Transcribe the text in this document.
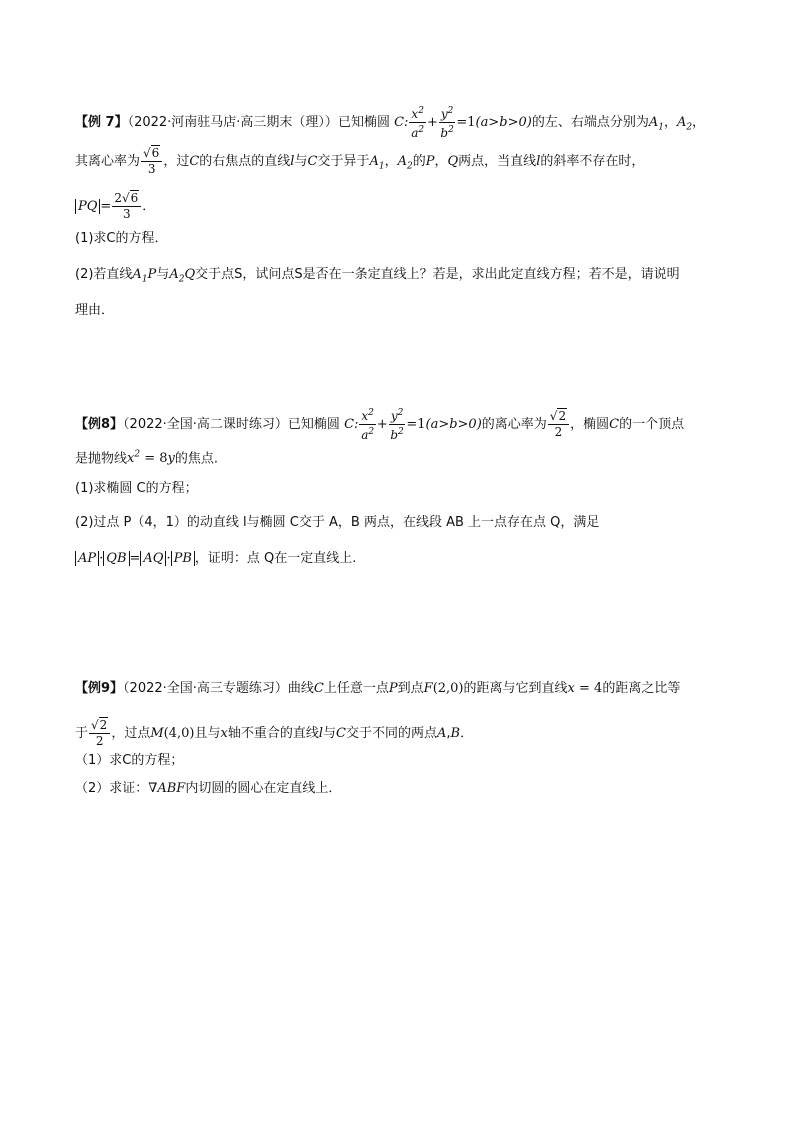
【例 7】（2022·河南驻马店·高三期末（理））已知椭圆 C: $\frac{x^2}{a^2} + \frac{y^2}{b^2} =1(a>b>0)$的左、右端点分别为$A_1$，$A_2$，
其离心率为 $\frac{√6}{3}$ ，过C的右焦点的直线l与C交于异于$A_1$，$A_2$的P，Q两点，当直线l的斜率不存在时，
PQ = $\frac{2√6}{3}$ ．
(1)求C的方程．
(2)若直线$A_1P$与$A_2Q$交于点S，试问点S是否在一条定直线上？若是，求出此定直线方程；若不是，请说明
理由．
【例8】（2022·全国·高二课时练习）已知椭圆 C: $\frac{x^2}{a^2} + \frac{y^2}{b^2} =1(a>b>0)$的离心率为 $\frac{√2}{2}$ ，椭圆C的一个顶点
是抛物线$x^2 = 8y$的焦点.
(1)求椭圆 C的方程；
(2)过点 P（4，1）的动直线 l与椭圆 C交于 A，B 两点，在线段 AB 上一点存在点 Q，满足
AP · QB = AQ · PB ，证明：点 Q在一定直线上.
【例9】（2022·全国·高三专题练习）曲线C上任意一点P到点F(2,0)的距离与它到直线x = 4的距离之比等
于 $\frac{√2}{2}$ ，过点M(4,0)且与x轴不重合的直线l与C交于不同的两点A,B．
（1）求C的方程；
（2）求证：∇ABF内切圆的圆心在定直线上．
